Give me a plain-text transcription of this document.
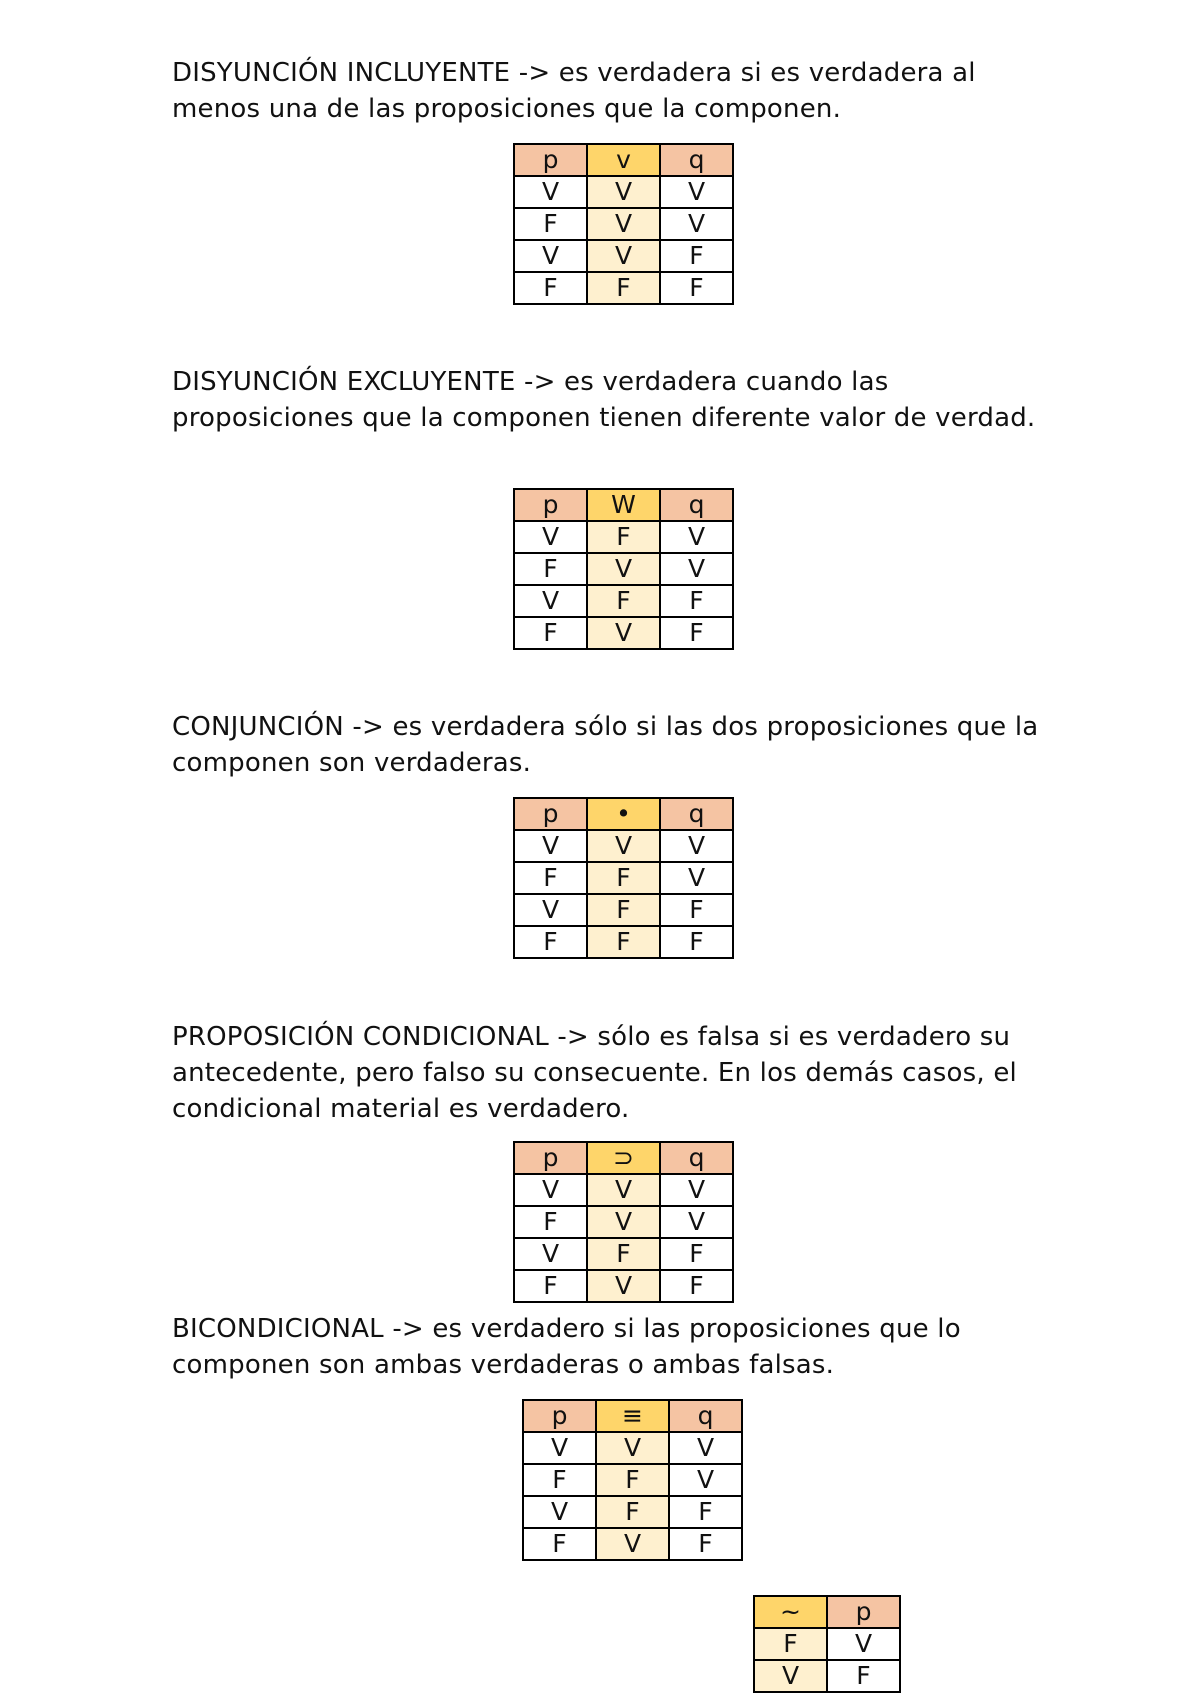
DISYUNCIÓN INCLUYENTE -> es verdadera si es verdadera al menos una de las proposiciones que la componen.

p	v	q
V	V	V
F	V	V
V	V	F
F	F	F

DISYUNCIÓN EXCLUYENTE -> es verdadera cuando las proposiciones que la componen tienen diferente valor de verdad.

p	W	q
V	F	V
F	V	V
V	F	F
F	V	F

CONJUNCIÓN -> es verdadera sólo si las dos proposiciones que la componen son verdaderas.

p	•	q
V	V	V
F	F	V
V	F	F
F	F	F

PROPOSICIÓN CONDICIONAL -> sólo es falsa si es verdadero su antecedente, pero falso su consecuente. En los demás casos, el condicional material es verdadero.

p	⊃	q
V	V	V
F	V	V
V	F	F
F	V	F

BICONDICIONAL -> es verdadero si las proposiciones que lo componen son ambas verdaderas o ambas falsas.

p	≡	q
V	V	V
F	F	V
V	F	F
F	V	F
~	p
F	V
V	F
